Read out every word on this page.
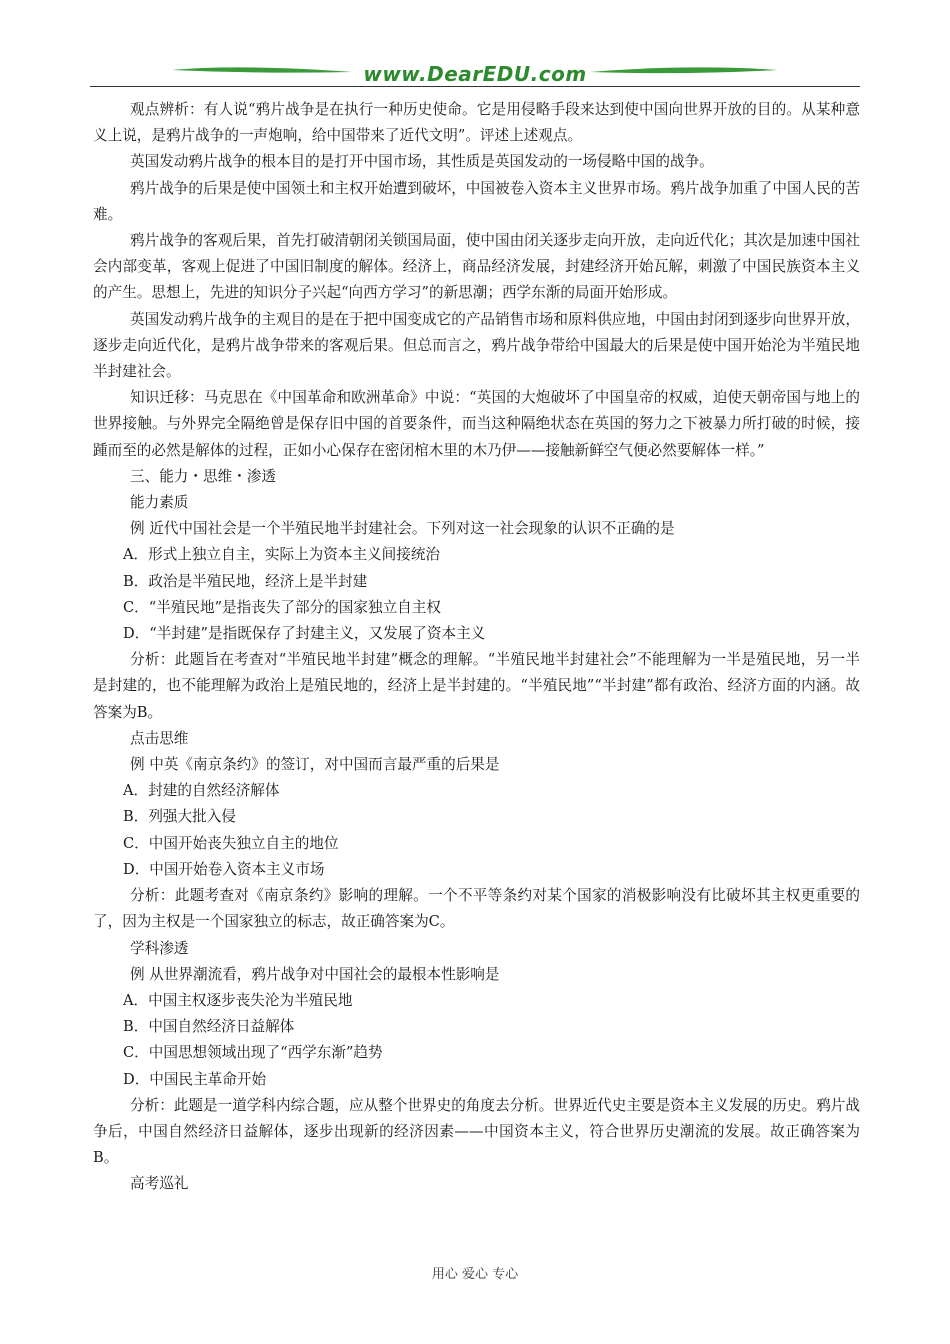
www.DearEDU.com

观点辨析：有人说“鸦片战争是在执行一种历史使命。它是用侵略手段来达到使中国向世界开放的目的。从某种意义上说，是鸦片战争的一声炮响，给中国带来了近代文明”。评述上述观点。

英国发动鸦片战争的根本目的是打开中国市场，其性质是英国发动的一场侵略中国的战争。

鸦片战争的后果是使中国领土和主权开始遭到破坏，中国被卷入资本主义世界市场。鸦片战争加重了中国人民的苦难。

鸦片战争的客观后果，首先打破清朝闭关锁国局面，使中国由闭关逐步走向开放，走向近代化；其次是加速中国社会内部变革，客观上促进了中国旧制度的解体。经济上，商品经济发展，封建经济开始瓦解，刺激了中国民族资本主义的产生。思想上，先进的知识分子兴起“向西方学习”的新思潮；西学东渐的局面开始形成。

英国发动鸦片战争的主观目的是在于把中国变成它的产品销售市场和原料供应地，中国由封闭到逐步向世界开放，逐步走向近代化，是鸦片战争带来的客观后果。但总而言之，鸦片战争带给中国最大的后果是使中国开始沦为半殖民地半封建社会。

知识迁移：马克思在《中国革命和欧洲革命》中说：“英国的大炮破坏了中国皇帝的权威，迫使天朝帝国与地上的世界接触。与外界完全隔绝曾是保存旧中国的首要条件，而当这种隔绝状态在英国的努力之下被暴力所打破的时候，接踵而至的必然是解体的过程，正如小心保存在密闭棺木里的木乃伊——接触新鲜空气便必然要解体一样。”

三、能力・思维・渗透

能力素质

例 近代中国社会是一个半殖民地半封建社会。下列对这一社会现象的认识不正确的是

A．形式上独立自主，实际上为资本主义间接统治

B．政治是半殖民地，经济上是半封建

C．“半殖民地”是指丧失了部分的国家独立自主权

D．“半封建”是指既保存了封建主义，又发展了资本主义

分析：此题旨在考查对“半殖民地半封建”概念的理解。“半殖民地半封建社会”不能理解为一半是殖民地，另一半是封建的，也不能理解为政治上是殖民地的，经济上是半封建的。“半殖民地”“半封建”都有政治、经济方面的内涵。故答案为B。

点击思维

例 中英《南京条约》的签订，对中国而言最严重的后果是

A．封建的自然经济解体

B．列强大批入侵

C．中国开始丧失独立自主的地位

D．中国开始卷入资本主义市场

分析：此题考查对《南京条约》影响的理解。一个不平等条约对某个国家的消极影响没有比破坏其主权更重要的了，因为主权是一个国家独立的标志，故正确答案为C。

学科渗透

例 从世界潮流看，鸦片战争对中国社会的最根本性影响是

A．中国主权逐步丧失沦为半殖民地

B．中国自然经济日益解体

C．中国思想领域出现了“西学东渐”趋势

D．中国民主革命开始

分析：此题是一道学科内综合题，应从整个世界史的角度去分析。世界近代史主要是资本主义发展的历史。鸦片战争后，中国自然经济日益解体，逐步出现新的经济因素——中国资本主义，符合世界历史潮流的发展。故正确答案为B。

高考巡礼

用心 爱心 专心
